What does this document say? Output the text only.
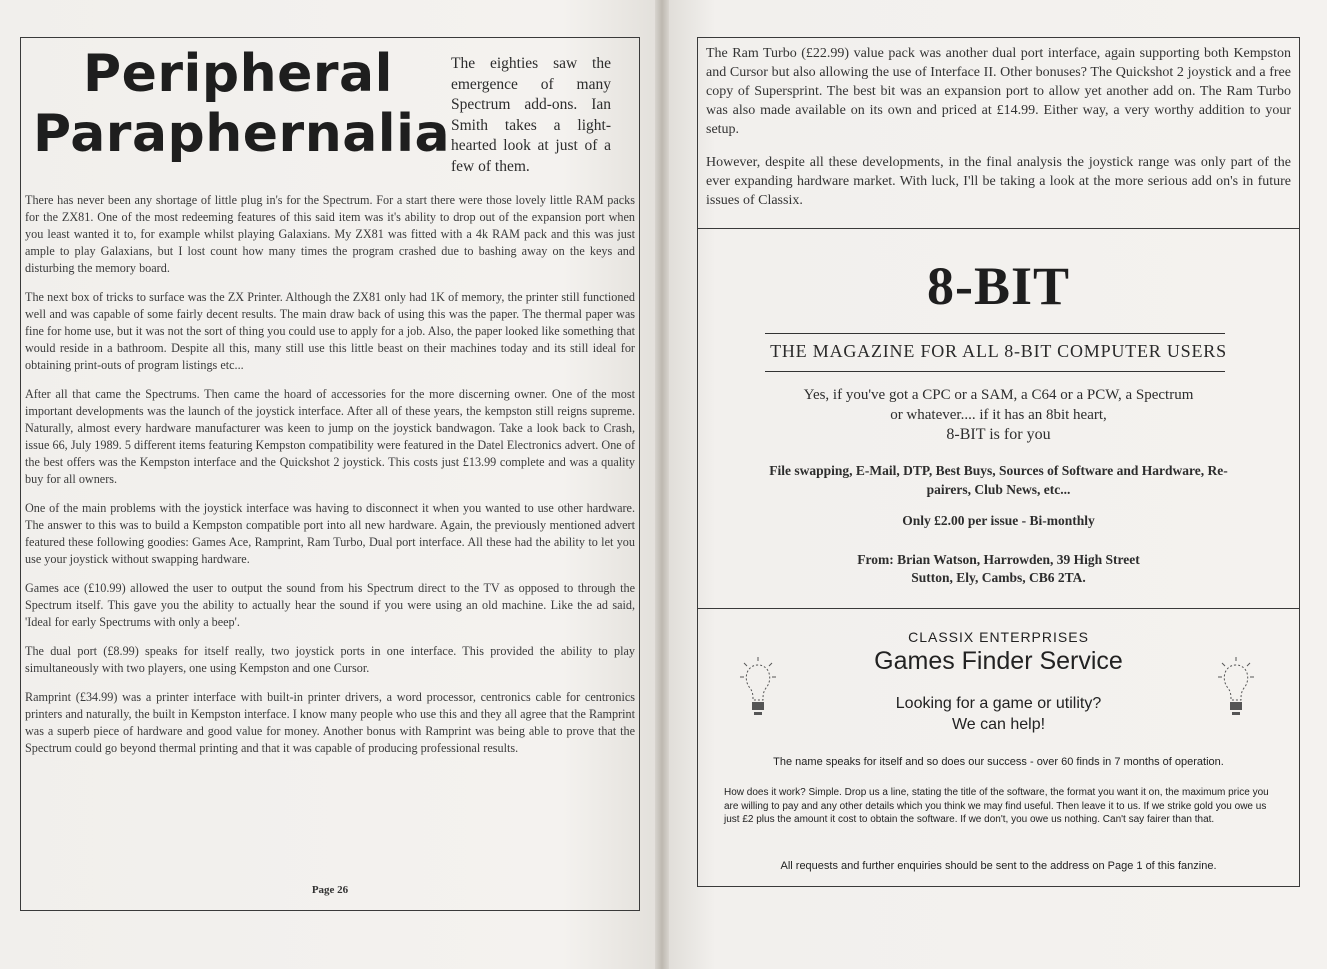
Peripheral
Paraphernalia
The eighties saw the emergence of many Spectrum add-ons. Ian Smith takes a light-hearted look at just of a few of them.

There has never been any shortage of little plug in's for the Spectrum. For a start there were those lovely little RAM packs for the ZX81. One of the most redeeming features of this said item was it's ability to drop out of the expansion port when you least wanted it to, for example whilst playing Galaxians. My ZX81 was fitted with a 4k RAM pack and this was just ample to play Galaxians, but I lost count how many times the program crashed due to bashing away on the keys and disturbing the memory board.

The next box of tricks to surface was the ZX Printer. Although the ZX81 only had 1K of memory, the printer still functioned well and was capable of some fairly decent results. The main draw back of using this was the paper. The thermal paper was fine for home use, but it was not the sort of thing you could use to apply for a job. Also, the paper looked like something that would reside in a bathroom. Despite all this, many still use this little beast on their machines today and its still ideal for obtaining print-outs of program listings etc...

After all that came the Spectrums. Then came the hoard of accessories for the more discerning owner. One of the most important developments was the launch of the joystick interface. After all of these years, the kempston still reigns supreme. Naturally, almost every hardware manufacturer was keen to jump on the joystick bandwagon. Take a look back to Crash, issue 66, July 1989. 5 different items featuring Kempston compatibility were featured in the Datel Electronics advert. One of the best offers was the Kempston interface and the Quickshot 2 joystick. This costs just £13.99 complete and was a quality buy for all owners.

One of the main problems with the joystick interface was having to disconnect it when you wanted to use other hardware. The answer to this was to build a Kempston compatible port into all new hardware. Again, the previously mentioned advert featured these following goodies: Games Ace, Ramprint, Ram Turbo, Dual port interface. All these had the ability to let you use your joystick without swapping hardware.

Games ace (£10.99) allowed the user to output the sound from his Spectrum direct to the TV as opposed to through the Spectrum itself. This gave you the ability to actually hear the sound if you were using an old machine. Like the ad said, 'Ideal for early Spectrums with only a beep'.

The dual port (£8.99) speaks for itself really, two joystick ports in one interface. This provided the ability to play simultaneously with two players, one using Kempston and one Cursor.

Ramprint (£34.99) was a printer interface with built-in printer drivers, a word processor, centronics cable for centronics printers and naturally, the built in Kempston interface. I know many people who use this and they all agree that the Ramprint was a superb piece of hardware and good value for money. Another bonus with Ramprint was being able to prove that the Spectrum could go beyond thermal printing and that it was capable of producing professional results.

Page 26

The Ram Turbo (£22.99) value pack was another dual port interface, again supporting both Kempston and Cursor but also allowing the use of Interface II. Other bonuses? The Quickshot 2 joystick and a free copy of Supersprint. The best bit was an expansion port to allow yet another add on. The Ram Turbo was also made available on its own and priced at £14.99. Either way, a very worthy addition to your setup.

However, despite all these developments, in the final analysis the joystick range was only part of the ever expanding hardware market. With luck, I'll be taking a look at the more serious add on's in future issues of Classix.

8-BIT
THE MAGAZINE FOR ALL 8-BIT COMPUTER USERS
Yes, if you've got a CPC or a SAM, a C64 or a PCW, a Spectrum
or whatever.... if it has an 8bit heart,
8-BIT is for you
File swapping, E-Mail, DTP, Best Buys, Sources of Software and Hardware, Re-
pairers, Club News, etc...
Only £2.00 per issue - Bi-monthly
From: Brian Watson, Harrowden, 39 High Street
Sutton, Ely, Cambs, CB6 2TA.
CLASSIX ENTERPRISES
Games Finder Service
Looking for a game or utility?
We can help!
The name speaks for itself and so does our success - over 60 finds in 7 months of operation.
How does it work? Simple. Drop us a line, stating the title of the software, the format you want it on, the maximum price you are willing to pay and any other details which you think we may find useful. Then leave it to us. If we strike gold you owe us just £2 plus the amount it cost to obtain the software. If we don't, you owe us nothing. Can't say fairer than that.
All requests and further enquiries should be sent to the address on Page 1 of this fanzine.
